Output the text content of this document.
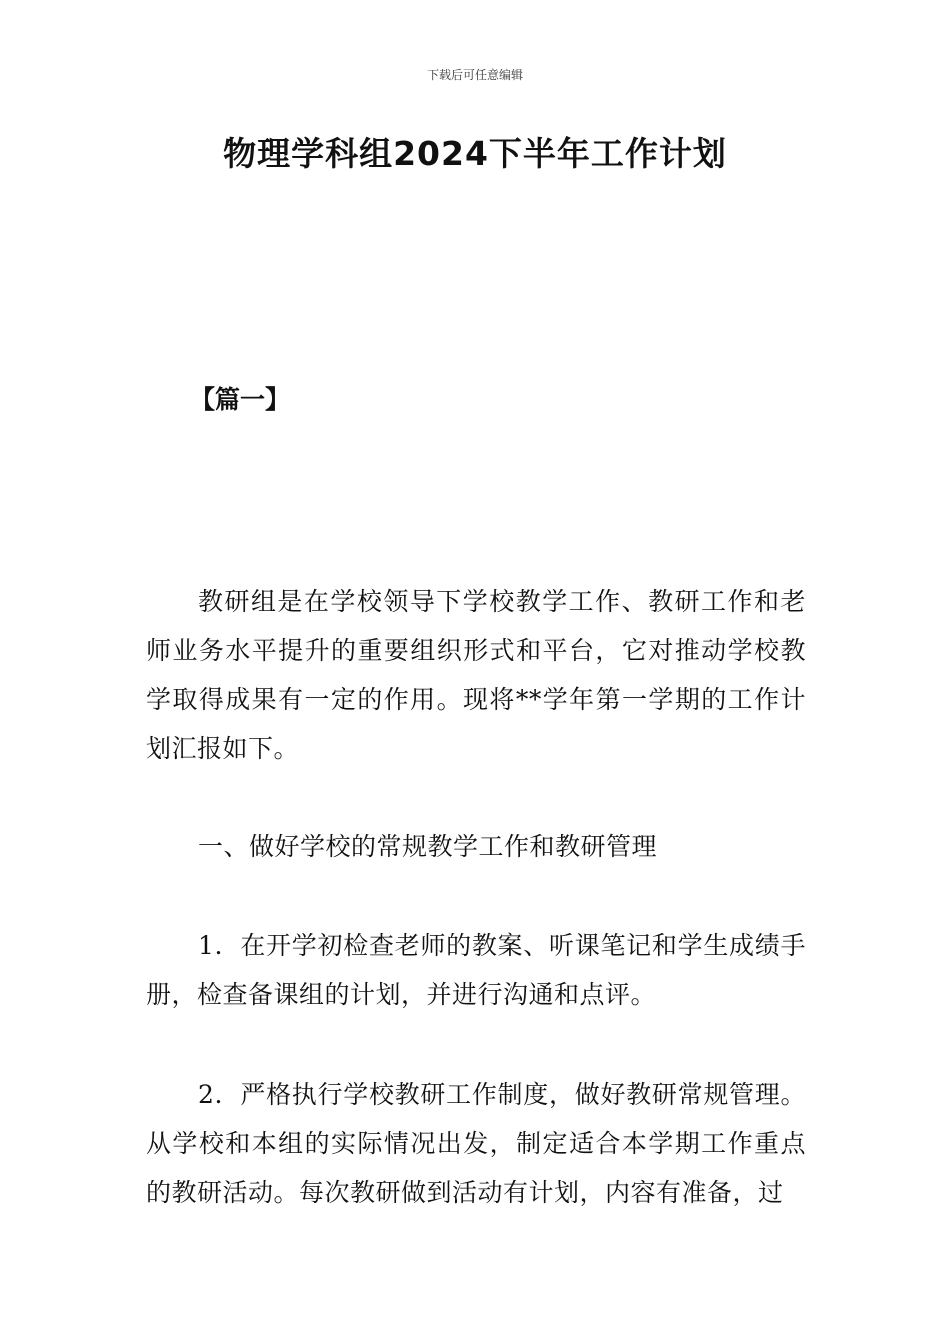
下载后可任意编辑
物理学科组2024下半年工作计划
【篇一】

教研组是在学校领导下学校教学工作、教研工作和老师业务水平提升的重要组织形式和平台，它对推动学校教学取得成果有一定的作用。现将**学年第一学期的工作计划汇报如下。

一、做好学校的常规教学工作和教研管理

1．在开学初检查老师的教案、听课笔记和学生成绩手册，检查备课组的计划，并进行沟通和点评。

2．严格执行学校教研工作制度，做好教研常规管理。从学校和本组的实际情况出发，制定适合本学期工作重点的教研活动。每次教研做到活动有计划，内容有准备，过
